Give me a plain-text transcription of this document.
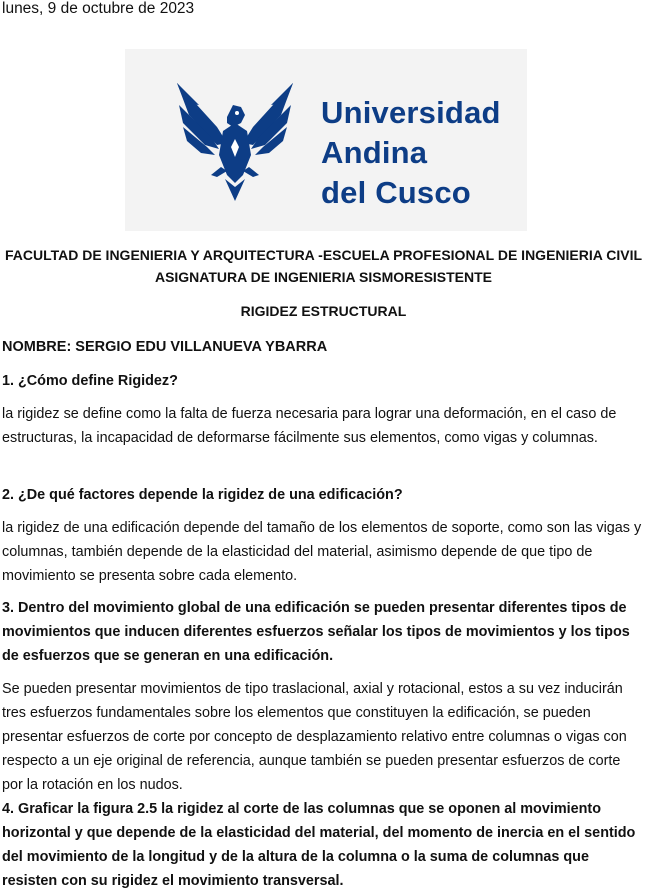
lunes, 9 de octubre de 2023
Universidad
Andina
del Cusco
FACULTAD DE INGENIERIA Y ARQUITECTURA -ESCUELA PROFESIONAL DE INGENIERIA CIVIL
ASIGNATURA DE INGENIERIA SISMORESISTENTE
RIGIDEZ ESTRUCTURAL
NOMBRE: SERGIO EDU VILLANUEVA YBARRA
1. ¿Cómo define Rigidez?
la rigidez se define como la falta de fuerza necesaria para lograr una deformación, en el caso de estructuras, la incapacidad de deformarse fácilmente sus elementos, como vigas y columnas.
2. ¿De qué factores depende la rigidez de una edificación?
la rigidez de una edificación depende del tamaño de los elementos de soporte, como son las vigas y columnas, también depende de la elasticidad del material, asimismo depende de que tipo de movimiento se presenta sobre cada elemento.
3. Dentro del movimiento global de una edificación se pueden presentar diferentes tipos de movimientos que inducen diferentes esfuerzos señalar los tipos de movimientos y los tipos de esfuerzos que se generan en una edificación.
Se pueden presentar movimientos de tipo traslacional, axial y rotacional, estos a su vez inducirán tres esfuerzos fundamentales sobre los elementos que constituyen la edificación, se pueden presentar esfuerzos de corte por concepto de desplazamiento relativo entre columnas o vigas con respecto a un eje original de referencia, aunque también se pueden presentar esfuerzos de corte por la rotación en los nudos.
4. Graficar la figura 2.5 la rigidez al corte de las columnas que se oponen al movimiento horizontal y que depende de la elasticidad del material, del momento de inercia en el sentido del movimiento de la longitud y de la altura de la columna o la suma de columnas que resisten con su rigidez el movimiento transversal.
